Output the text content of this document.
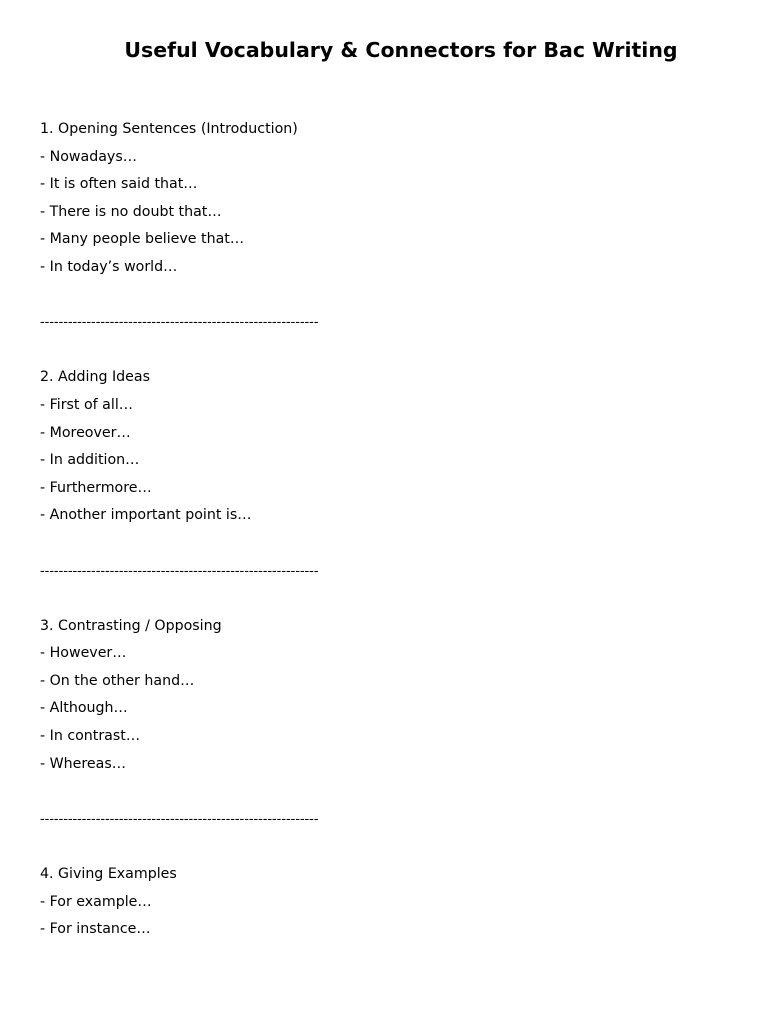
Useful Vocabulary & Connectors for Bac Writing

1. Opening Sentences (Introduction)

- Nowadays…

- It is often said that…

- There is no doubt that…

- Many people believe that…

- In today’s world…

------------------------------------------------------------

2. Adding Ideas

- First of all…

- Moreover…

- In addition…

- Furthermore…

- Another important point is…

------------------------------------------------------------

3. Contrasting / Opposing

- However…

- On the other hand…

- Although…

- In contrast…

- Whereas…

------------------------------------------------------------

4. Giving Examples

- For example…

- For instance…
